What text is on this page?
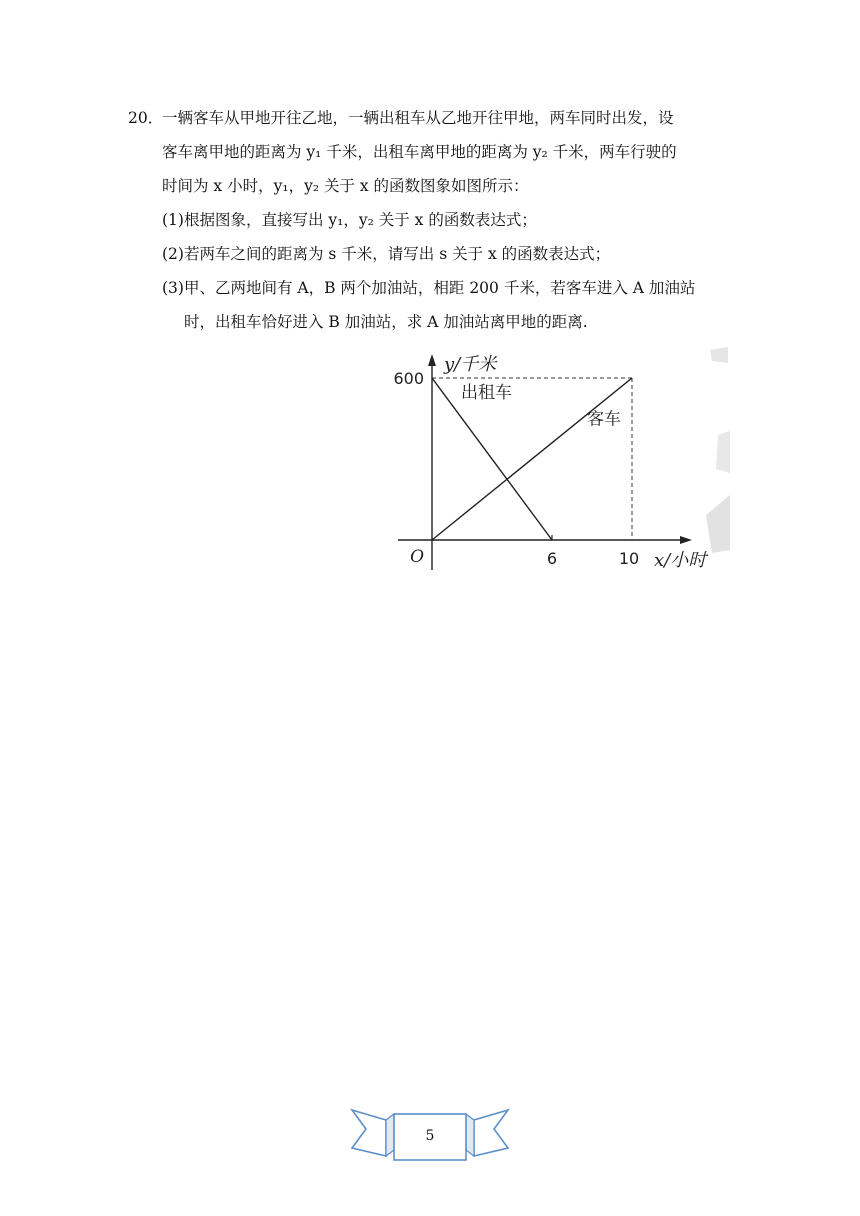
20．
一辆客车从甲地开往乙地，一辆出租车从乙地开往甲地，两车同时出发，设
客车离甲地的距离为 y₁ 千米，出租车离甲地的距离为 y₂ 千米，两车行驶的
时间为 x 小时，y₁，y₂ 关于 x 的函数图象如图所示：
(1)根据图象，直接写出 y₁，y₂ 关于 x 的函数表达式；
(2)若两车之间的距离为 s 千米，请写出 s 关于 x 的函数表达式；
(3)甲、乙两地间有 A，B 两个加油站，相距 200 千米，若客车进入 A 加油站
时，出租车恰好进入 B 加油站，求 A 加油站离甲地的距离.
出租车
客车
6	10
600
O
y/千米
x/小时
5
